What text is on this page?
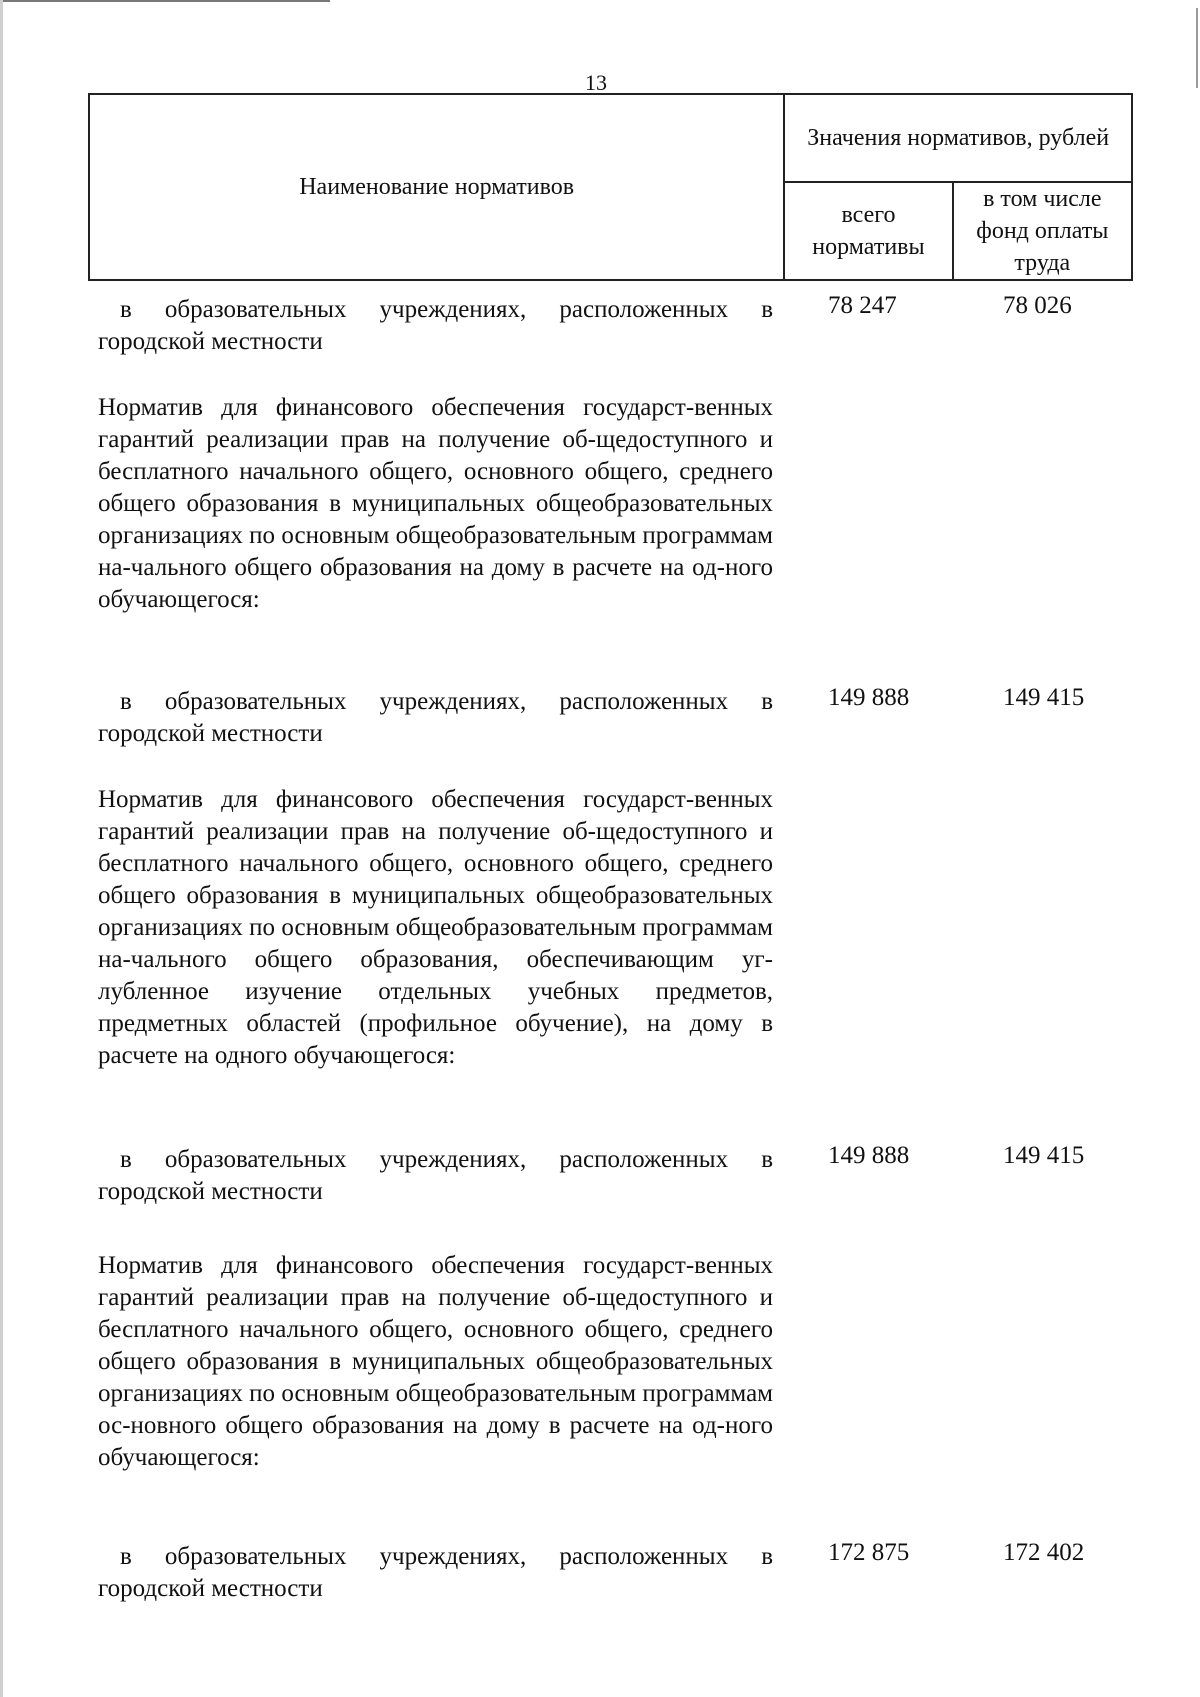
13
Наименование нормативов	Значения нормативов, рублей	
	всего нормативы	в том числе фонд оплаты труда
в образовательных учреждениях, расположенных в городской местности
78 247	78 026
Норматив для финансового обеспечения государст-венных гарантий реализации прав на получение об-щедоступного и бесплатного начального общего, основного общего, среднего общего образования в муниципальных общеобразовательных организациях по основным общеобразовательным программам на-чального общего образования на дому в расчете на од-ного обучающегося:
в образовательных учреждениях, расположенных в городской местности
149 888	149 415
Норматив для финансового обеспечения государст-венных гарантий реализации прав на получение об-щедоступного и бесплатного начального общего, основного общего, среднего общего образования в муниципальных общеобразовательных организациях по основным общеобразовательным программам на-чального общего образования, обеспечивающим уг-лубленное изучение отдельных учебных предметов, предметных областей (профильное обучение), на дому в расчете на одного обучающегося:
в образовательных учреждениях, расположенных в городской местности
149 888	149 415
Норматив для финансового обеспечения государст-венных гарантий реализации прав на получение об-щедоступного и бесплатного начального общего, основного общего, среднего общего образования в муниципальных общеобразовательных организациях по основным общеобразовательным программам ос-новного общего образования на дому в расчете на од-ного обучающегося:
в образовательных учреждениях, расположенных в городской местности
172 875	172 402
